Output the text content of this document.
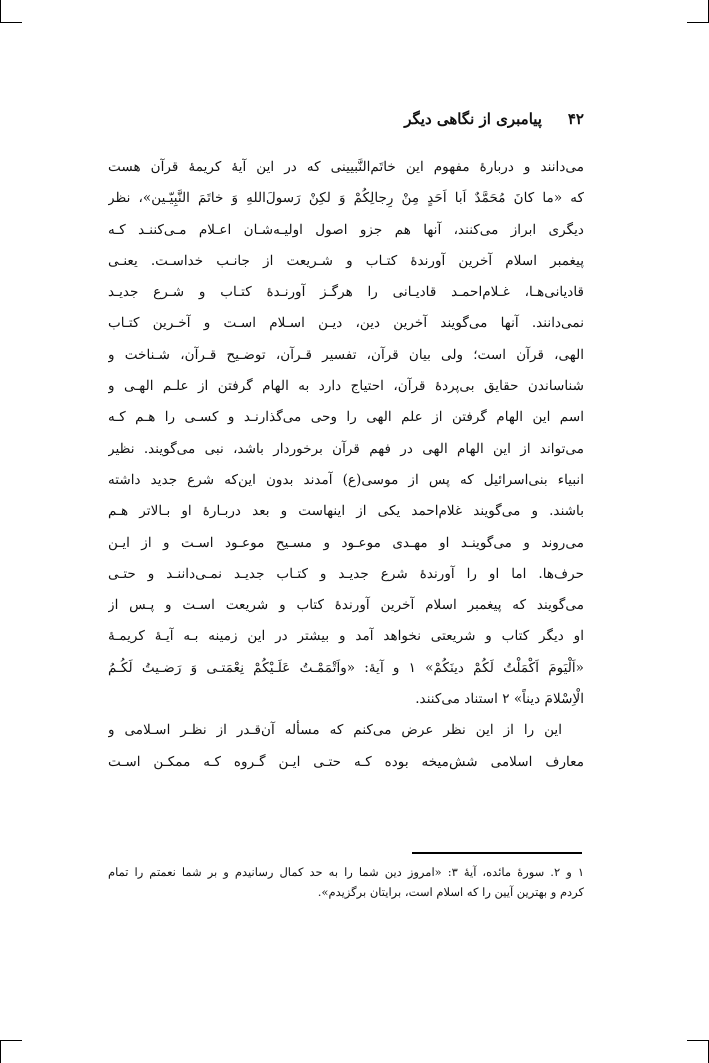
۴۲
پیامبری از نگاهی دیگر
می‌دانند و دربارهٔ مفهوم این خاتَم‌النَّبیینی که در این آیهٔ کریمهٔ قرآن هست
که «ما کانَ مُحَمَّدٌ اَبا اَحَدٍ مِنْ رِجالِکُمْ وَ لکِنْ رَسولَ‌اللهِ وَ خاتَمَ النَّبِیّـین»، نظر
دیگری ابراز می‌کنند، آنها هم جزو اصول اولیـه‌شـان اعـلام مـی‌کننـد کـه
پیغمبر اسلام آخرین آورندهٔ کتـاب و شـریعت از جانـب خداسـت. یعنـی
قادیانی‌هـا، غـلام‌احمـد قادیـانی را هرگـز آورنـدهٔ کتـاب و شـرع جدیـد
نمی‌دانند. آنها می‌گویند آخرین دین، دیـن اسـلام اسـت و آخـرین کتـاب
الهی، قرآن است؛ ولی بیان قرآن، تفسیر قـرآن، توضـیح قـرآن، شـناخت و
شناساندن حقایق بی‌پردهٔ قرآن، احتیاج دارد به الهام گرفتن از علـم الهـی و
اسم این الهام گرفتن از علم الهی را وحی می‌گذارنـد و کسـی را هـم کـه
می‌تواند از این الهام الهی در فهم قرآن برخوردار باشد، نبی می‌گویند. نظیر
انبیاء بنی‌اسرائیل که پس از موسی(ع) آمدند بدون این‌که شرع جدید داشته
باشند. و می‌گویند غلام‌احمد یکی از اینهاست و بعد دربـارهٔ او بـالاتر هـم
می‌روند و می‌گوینـد او مهـدی موعـود و مسـیح موعـود اسـت و از ایـن
حرف‌ها. اما او را آورندهٔ شرع جدیـد و کتـاب جدیـد نمـی‌داننـد و حتـی
می‌گویند که پیغمبر اسلام آخرین آورندهٔ کتاب و شریعت اسـت و پـس از
او دیگر کتاب و شریعتی نخواهد آمد و بیشتر در این زمینه بـه آیـهٔ کریمـهٔ
«اَلْیَومَ اَکْمَلْتُ لَکُمْ دینَکُمْ» ۱ و آیهٔ: «واَتْمَمْـتُ عَلَـیْکُمْ نِعْمَتـی وَ رَضـیتُ لَکُـمُ
الْاِسْلامَ دیناً» ۲ استناد می‌کنند.
این را از این نظر عرض می‌کنم که مسأله آن‌قـدر از نظـر اسـلامی و
معارف اسلامی شش‌میخه بوده کـه حتـی ایـن گـروه کـه ممکـن اسـت
۱ و ۲. سورهٔ مائده، آیهٔ ۳: «امروز دین شما را به حد کمال رسانیدم و بر شما نعمتم را تمام
کردم و بهترین آیین را که اسلام است، برایتان برگزیدم».
